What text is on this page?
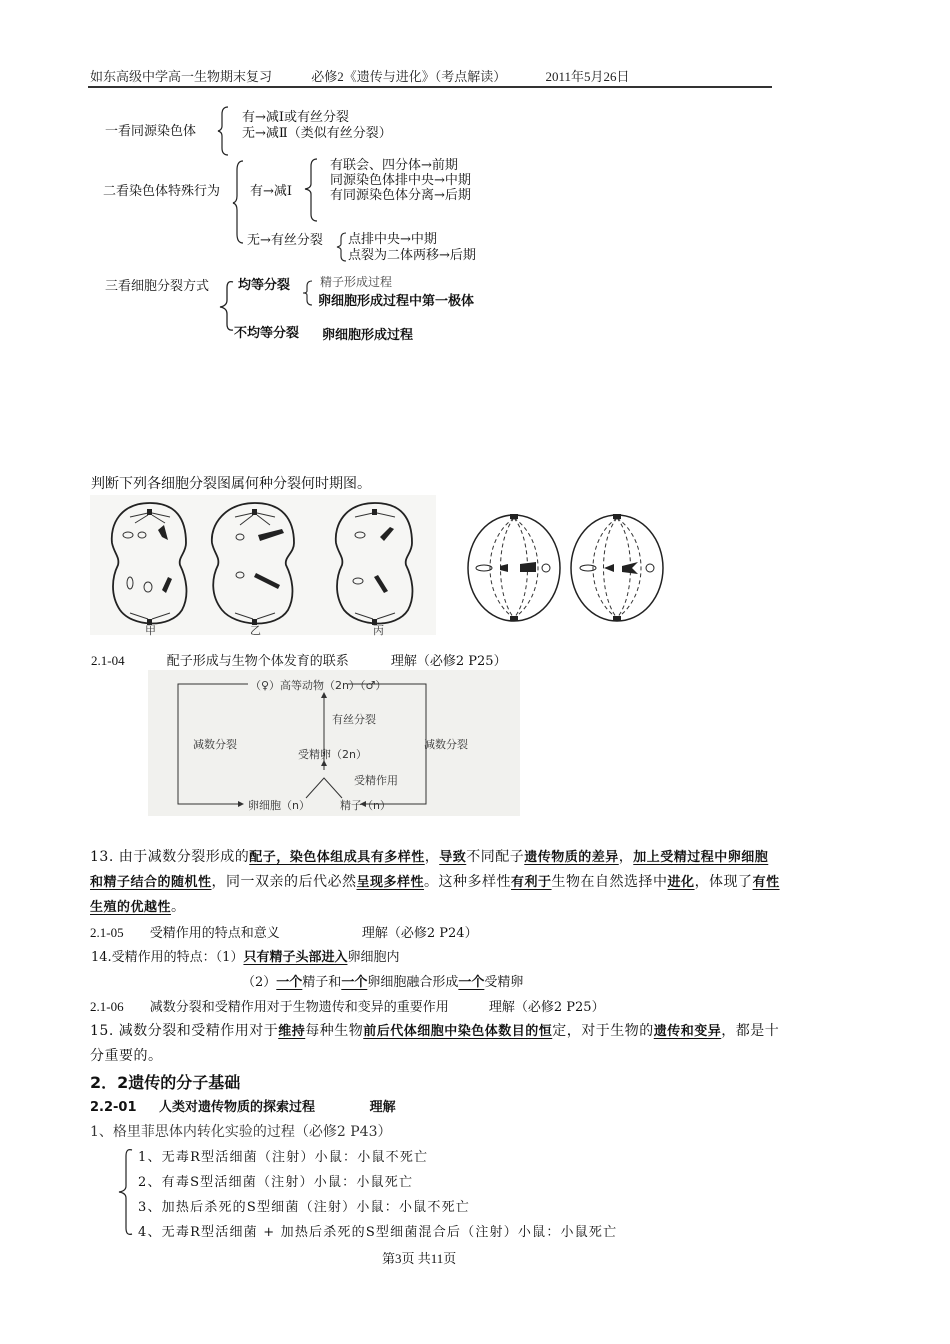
如东高级中学高一生物期末复习	必修2《遗传与进化》（考点解读）	2011年5月26日
一看同源染色体
有→减Ⅰ或有丝分裂
无→减Ⅱ（类似有丝分裂）
二看染色体特殊行为 有→减Ⅰ
有联会、四分体→前期
同源染色体排中央→中期
有同源染色体分离→后期
无→有丝分裂 点排中央→中期
点裂为二体两移→后期
三看细胞分裂方式 均等分裂 精子形成过程
卵细胞形成过程中第一极体
不均等分裂 卵细胞形成过程
判断下列各细胞分裂图属何种分裂何时期图。
甲	乙	丙
2.1-04	配子形成与生物个体发育的联系	理解（必修2 P25）
（♀）高等动物（2n）（♂）
有丝分裂
减数分裂	减数分裂
受精卵（2n）
受精作用
卵细胞（n）	精子（n）
13. 由于减数分裂形成的配子，染色体组成具有多样性，导致不同配子遗传物质的差异，加上受精过程中卵细胞和精子结合的随机性，同一双亲的后代必然呈现多样性。这种多样性有利于生物在自然选择中进化，体现了有性生殖的优越性。
2.1-05 受精作用的特点和意义	理解（必修2 P24）
14.受精作用的特点：（1）只有精子头部进入卵细胞内
（2）一个精子和一个卵细胞融合形成一个受精卵
2.1-06 减数分裂和受精作用对于生物遗传和变异的重要作用	理解（必修2 P25）
15. 减数分裂和受精作用对于维持每种生物前后代体细胞中染色体数目的恒定，对于生物的遗传和变异，都是十分重要的。
2．2遗传的分子基础
2.2-01 人类对遗传物质的探索过程	理解
1、格里菲思体内转化实验的过程（必修2 P43）
1、无毒R型活细菌（注射）小鼠：小鼠不死亡
2、有毒S型活细菌（注射）小鼠：小鼠死亡
3、加热后杀死的S型细菌（注射）小鼠：小鼠不死亡
4、无毒R型活细菌 + 加热后杀死的S型细菌混合后（注射）小鼠：小鼠死亡
第3页 共11页
